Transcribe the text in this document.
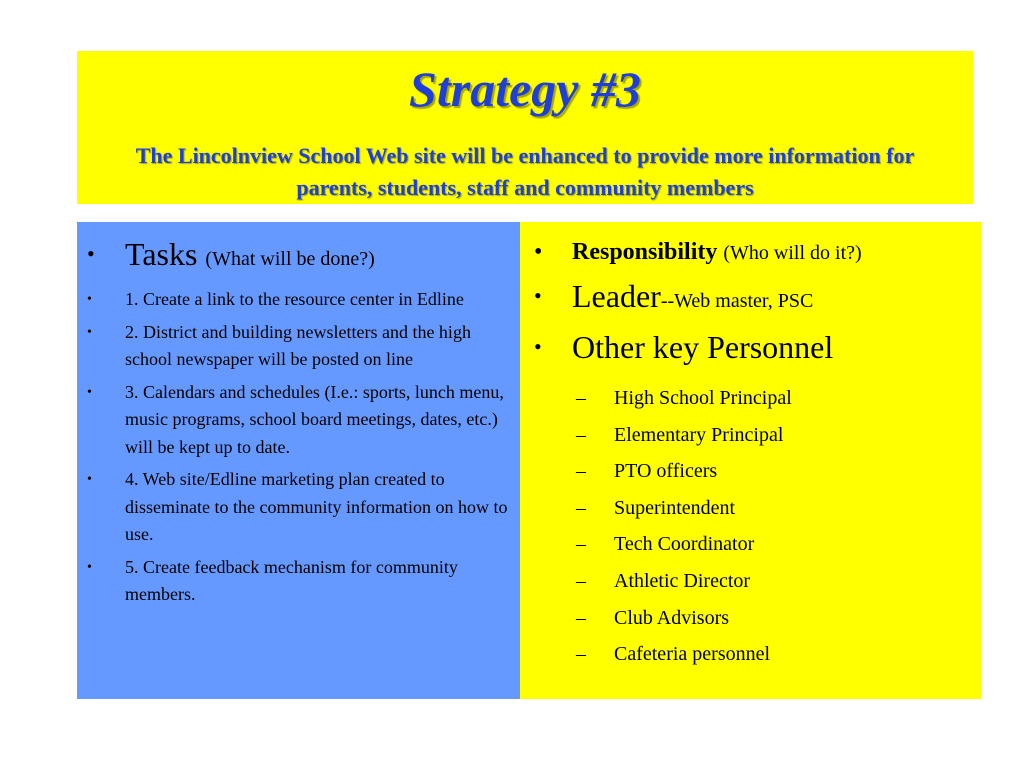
Strategy #3

The Lincolnview School Web site will be enhanced to provide more information for parents, students, staff and community members

• Tasks (What will be done?)
• 1. Create a link to the resource center in Edline
• 2. District and building newsletters and the high school newspaper will be posted on line
• 3. Calendars and schedules (I.e.: sports, lunch menu, music programs, school board meetings, dates, etc.) will be kept up to date.
• 4. Web site/Edline marketing plan created to disseminate to the community information on how to use.
• 5. Create feedback mechanism for community members.
• Responsibility (Who will do it?)
• Leader--Web master, PSC
• Other key Personnel
– High School Principal
– Elementary Principal
– PTO officers
– Superintendent
– Tech Coordinator
– Athletic Director
– Club Advisors
– Cafeteria personnel
